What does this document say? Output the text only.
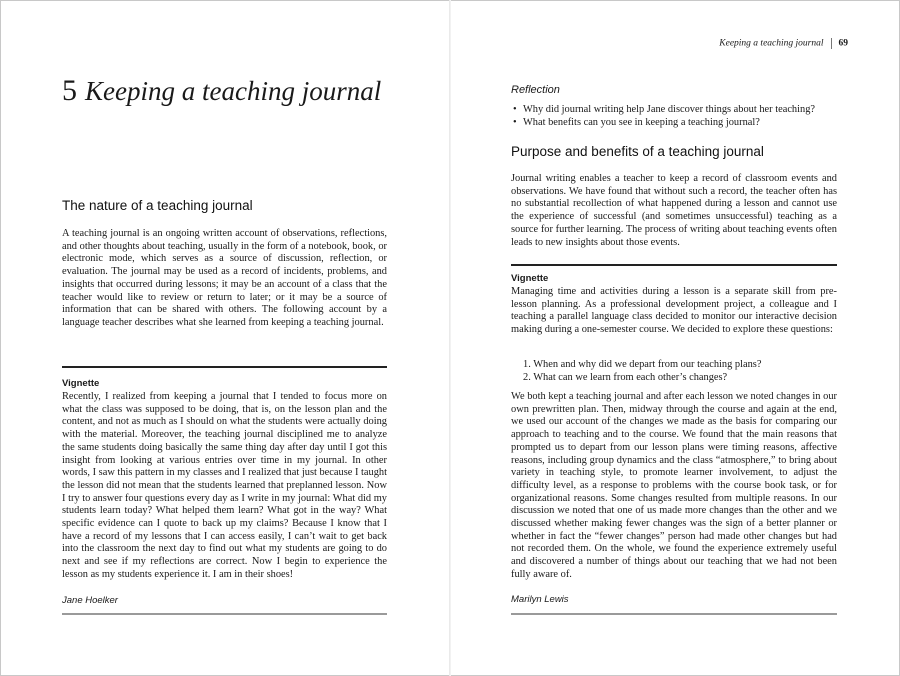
Keeping a teaching journal 69
5 Keeping a teaching journal
The nature of a teaching journal
A teaching journal is an ongoing written account of observations, reflections, and other thoughts about teaching, usually in the form of a notebook, book, or electronic mode, which serves as a source of discussion, reflection, or evaluation. The journal may be used as a record of incidents, problems, and insights that occurred during lessons; it may be an account of a class that the teacher would like to review or return to later; or it may be a source of information that can be shared with others. The following account by a language teacher describes what she learned from keeping a teaching journal.
Vignette
Recently, I realized from keeping a journal that I tended to focus more on what the class was supposed to be doing, that is, on the lesson plan and the content, and not as much as I should on what the students were actually doing with the material. Moreover, the teaching journal disciplined me to analyze the same students doing basically the same thing day after day until I got this insight from looking at various entries over time in my journal. In other words, I saw this pattern in my classes and I realized that just because I taught the lesson did not mean that the students learned that preplanned lesson. Now I try to answer four questions every day as I write in my journal: What did my students learn today? What helped them learn? What got in the way? What specific evidence can I quote to back up my claims? Because I know that I have a record of my lessons that I can access easily, I can’t wait to get back into the classroom the next day to find out what my students are going to do next and see if my reflections are correct. Now I begin to experience the lesson as my students experience it. I am in their shoes!
Jane Hoelker
Reflection
• Why did journal writing help Jane discover things about her teaching?
• What benefits can you see in keeping a teaching journal?
Purpose and benefits of a teaching journal
Journal writing enables a teacher to keep a record of classroom events and observations. We have found that without such a record, the teacher often has no substantial recollection of what happened during a lesson and cannot use the experience of successful (and sometimes unsuccessful) teaching as a source for further learning. The process of writing about teaching events often leads to new insights about those events.
Vignette
Managing time and activities during a lesson is a separate skill from pre-lesson planning. As a professional development project, a colleague and I teaching a parallel language class decided to monitor our interactive decision making during a one-semester course. We decided to explore these questions:
1. When and why did we depart from our teaching plans?
2. What can we learn from each other’s changes?
We both kept a teaching journal and after each lesson we noted changes in our own prewritten plan. Then, midway through the course and again at the end, we used our account of the changes we made as the basis for comparing our approach to teaching and to the course. We found that the main reasons that prompted us to depart from our lesson plans were timing reasons, affective reasons, including group dynamics and the class “atmosphere,” to bring about variety in teaching style, to promote learner involvement, to adjust the difficulty level, as a response to problems with the course book task, or for organizational reasons. Some changes resulted from multiple reasons. In our discussion we noted that one of us made more changes than the other and we discussed whether making fewer changes was the sign of a better planner or whether in fact the “fewer changes” person had made other changes but had not recorded them. On the whole, we found the experience extremely useful and discovered a number of things about our teaching that we had not been fully aware of.
Marilyn Lewis
